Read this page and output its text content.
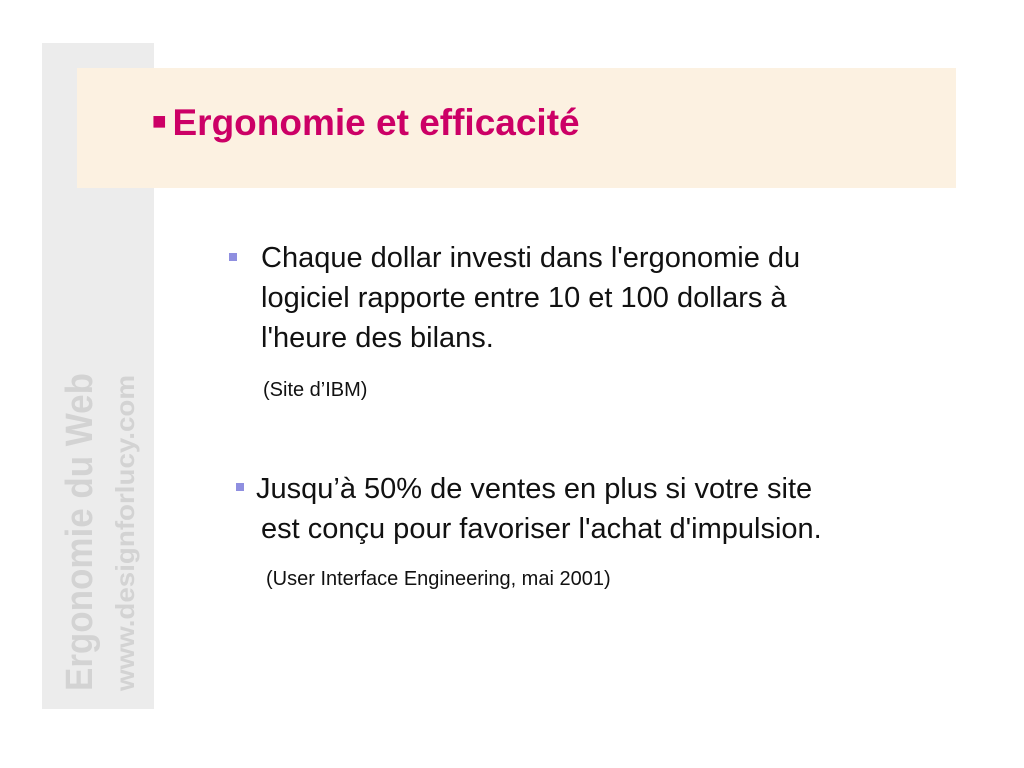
Ergonomie du Web www.designforlucy.com
■ Ergonomie et efficacité
Chaque dollar investi dans l'ergonomie du
logiciel rapporte entre 10 et 100 dollars à
l'heure des bilans.
(Site d’IBM)
Jusqu’à 50% de ventes en plus si votre site
est conçu pour favoriser l'achat d'impulsion.
(User Interface Engineering, mai 2001)
